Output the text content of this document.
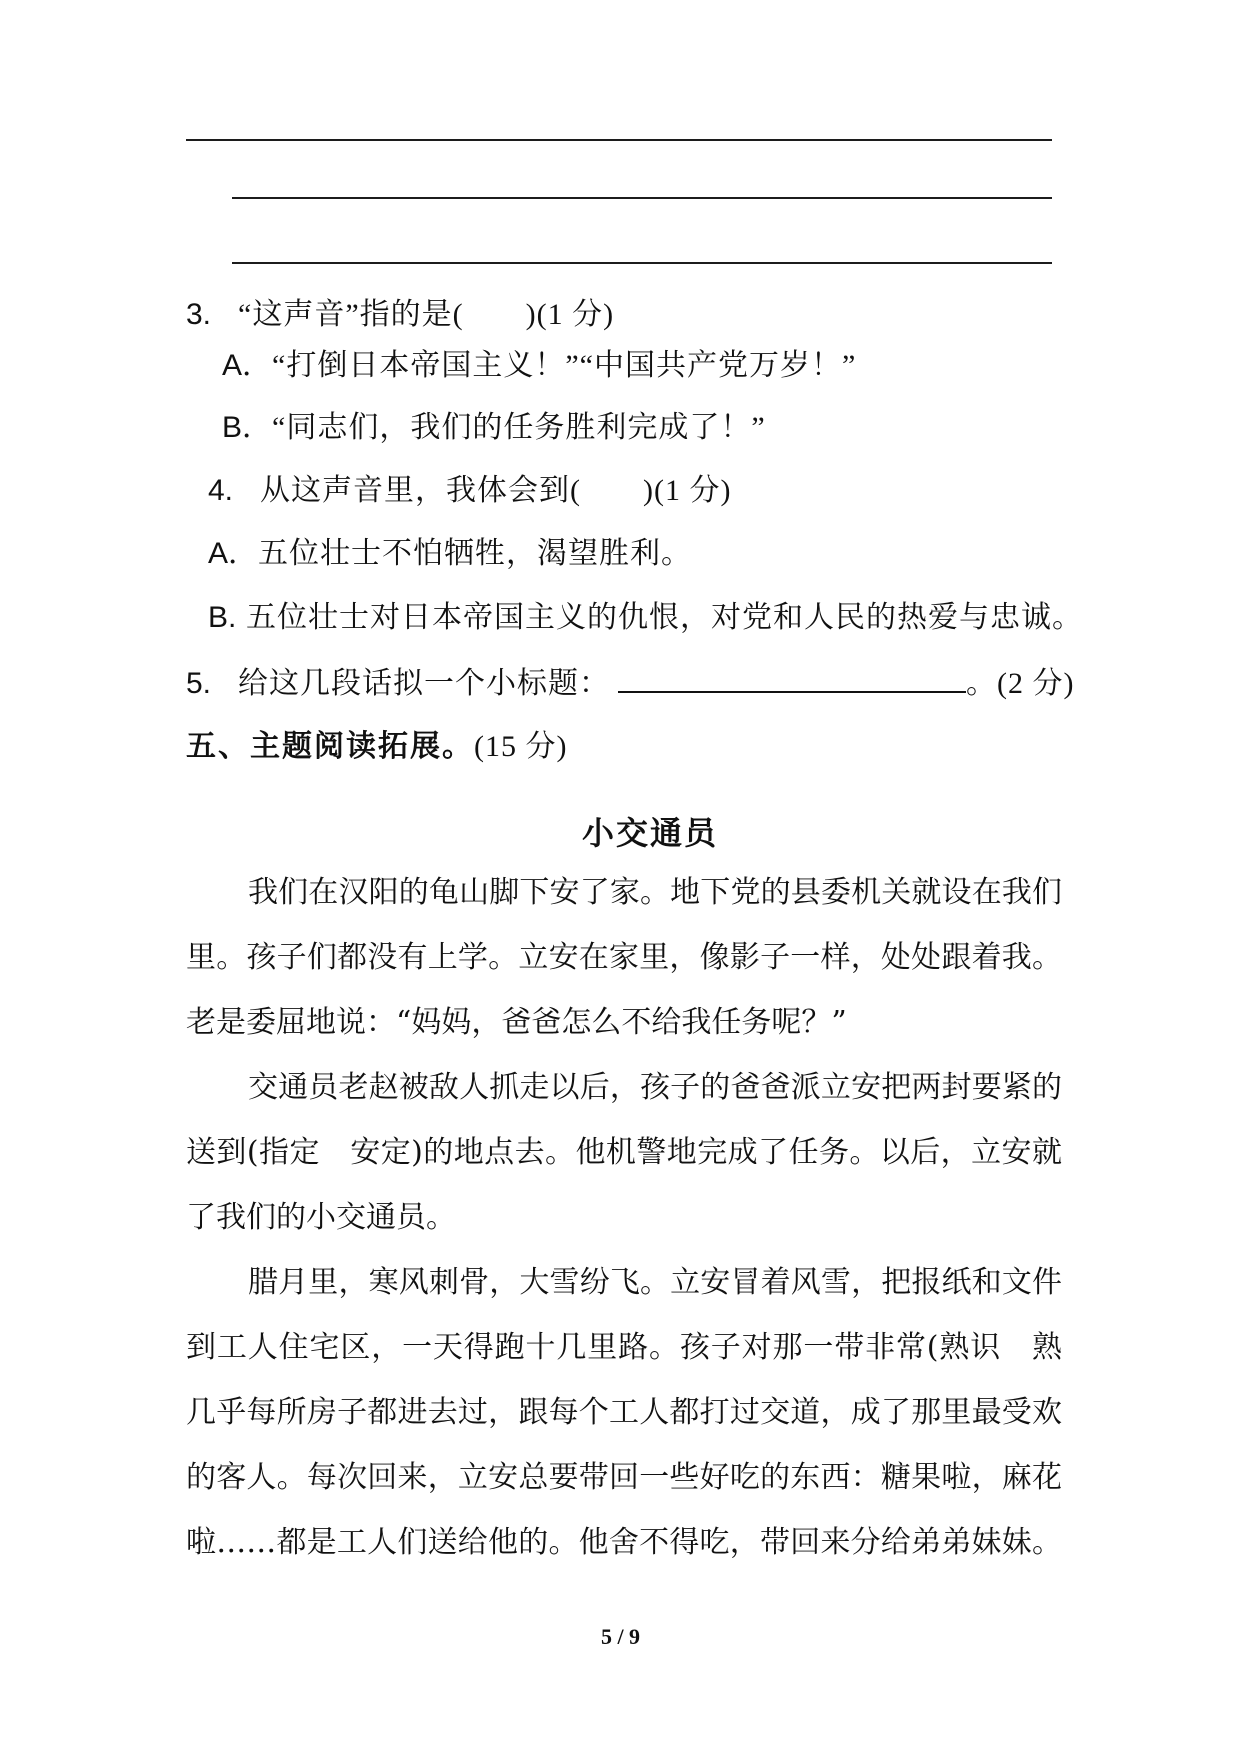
3. “这声音”指的是(　　)(1 分)
A．“打倒日本帝国主义！”“中国共产党万岁！”
B．“同志们，我们的任务胜利完成了！”
4. 从这声音里，我体会到(　　)(1 分)
A．五位壮士不怕牺牲，渴望胜利。
B. 五位壮士对日本帝国主义的仇恨，对党和人民的热爱与忠诚。
5. 给这几段话拟一个小标题：	。(2 分)
五、主题阅读拓展。(15 分)
小交通员
我们在汉阳的龟山脚下安了家。地下党的县委机关就设在我们
里。孩子们都没有上学。立安在家里，像影子一样，处处跟着我。
老是委屈地说：“妈妈，爸爸怎么不给我任务呢？”
交通员老赵被敌人抓走以后，孩子的爸爸派立安把两封要紧的
送到(指定　安定)的地点去。他机警地完成了任务。以后，立安就
了我们的小交通员。
腊月里，寒风刺骨，大雪纷飞。立安冒着风雪，把报纸和文件
到工人住宅区，一天得跑十几里路。孩子对那一带非常(熟识　熟
几乎每所房子都进去过，跟每个工人都打过交道，成了那里最受欢
的客人。每次回来，立安总要带回一些好吃的东西：糖果啦，麻花
啦……都是工人们送给他的。他舍不得吃，带回来分给弟弟妹妹。
5 / 9
